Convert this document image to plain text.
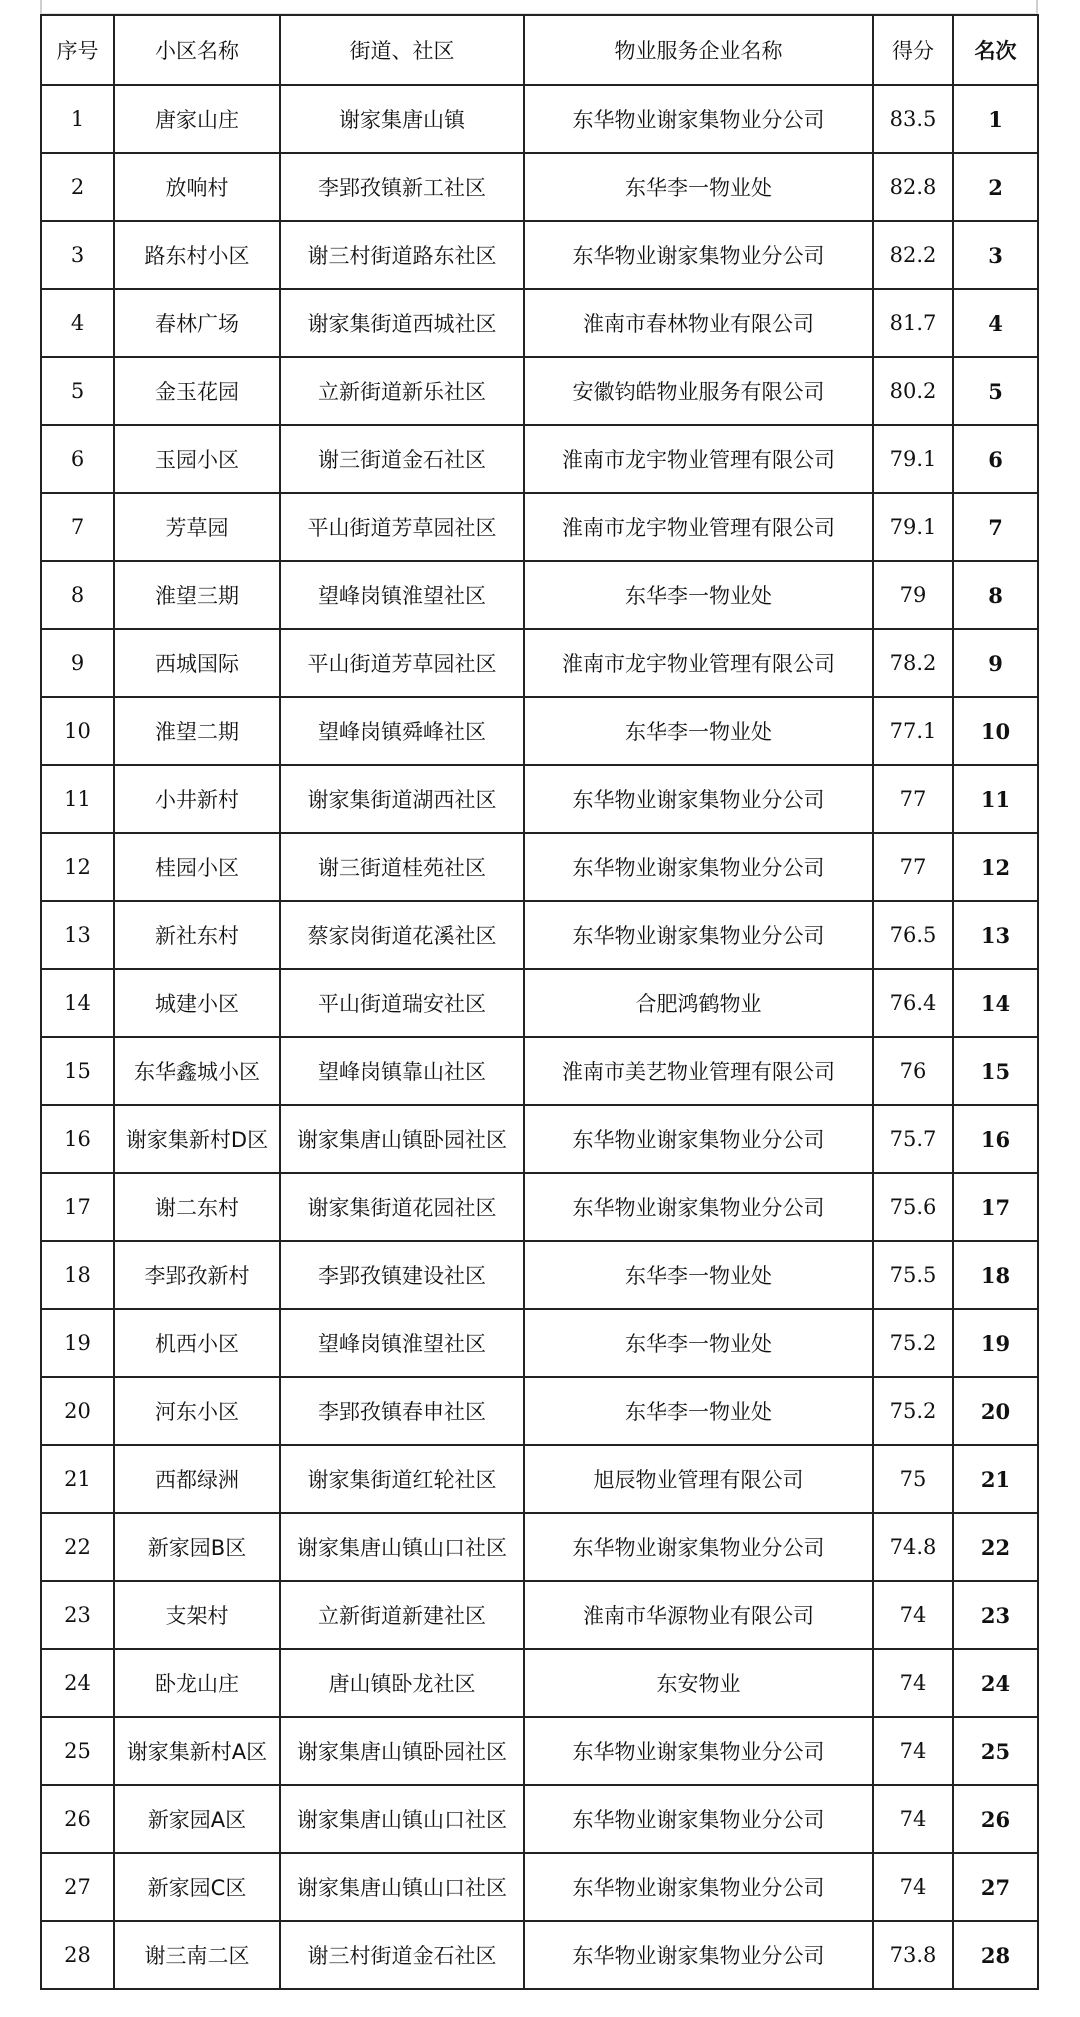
序号	小区名称	街道、社区	物业服务企业名称	得分	名次
1	唐家山庄	谢家集唐山镇	东华物业谢家集物业分公司	83.5	1
2	放响村	李郢孜镇新工社区	东华李一物业处	82.8	2
3	路东村小区	谢三村街道路东社区	东华物业谢家集物业分公司	82.2	3
4	春林广场	谢家集街道西城社区	淮南市春林物业有限公司	81.7	4
5	金玉花园	立新街道新乐社区	安徽钧皓物业服务有限公司	80.2	5
6	玉园小区	谢三街道金石社区	淮南市龙宇物业管理有限公司	79.1	6
7	芳草园	平山街道芳草园社区	淮南市龙宇物业管理有限公司	79.1	7
8	淮望三期	望峰岗镇淮望社区	东华李一物业处	79	8
9	西城国际	平山街道芳草园社区	淮南市龙宇物业管理有限公司	78.2	9
10	淮望二期	望峰岗镇舜峰社区	东华李一物业处	77.1	10
11	小井新村	谢家集街道湖西社区	东华物业谢家集物业分公司	77	11
12	桂园小区	谢三街道桂苑社区	东华物业谢家集物业分公司	77	12
13	新社东村	蔡家岗街道花溪社区	东华物业谢家集物业分公司	76.5	13
14	城建小区	平山街道瑞安社区	合肥鸿鹤物业	76.4	14
15	东华鑫城小区	望峰岗镇靠山社区	淮南市美艺物业管理有限公司	76	15
16	谢家集新村D区	谢家集唐山镇卧园社区	东华物业谢家集物业分公司	75.7	16
17	谢二东村	谢家集街道花园社区	东华物业谢家集物业分公司	75.6	17
18	李郢孜新村	李郢孜镇建设社区	东华李一物业处	75.5	18
19	机西小区	望峰岗镇淮望社区	东华李一物业处	75.2	19
20	河东小区	李郢孜镇春申社区	东华李一物业处	75.2	20
21	西都绿洲	谢家集街道红轮社区	旭辰物业管理有限公司	75	21
22	新家园B区	谢家集唐山镇山口社区	东华物业谢家集物业分公司	74.8	22
23	支架村	立新街道新建社区	淮南市华源物业有限公司	74	23
24	卧龙山庄	唐山镇卧龙社区	东安物业	74	24
25	谢家集新村A区	谢家集唐山镇卧园社区	东华物业谢家集物业分公司	74	25
26	新家园A区	谢家集唐山镇山口社区	东华物业谢家集物业分公司	74	26
27	新家园C区	谢家集唐山镇山口社区	东华物业谢家集物业分公司	74	27
28	谢三南二区	谢三村街道金石社区	东华物业谢家集物业分公司	73.8	28
